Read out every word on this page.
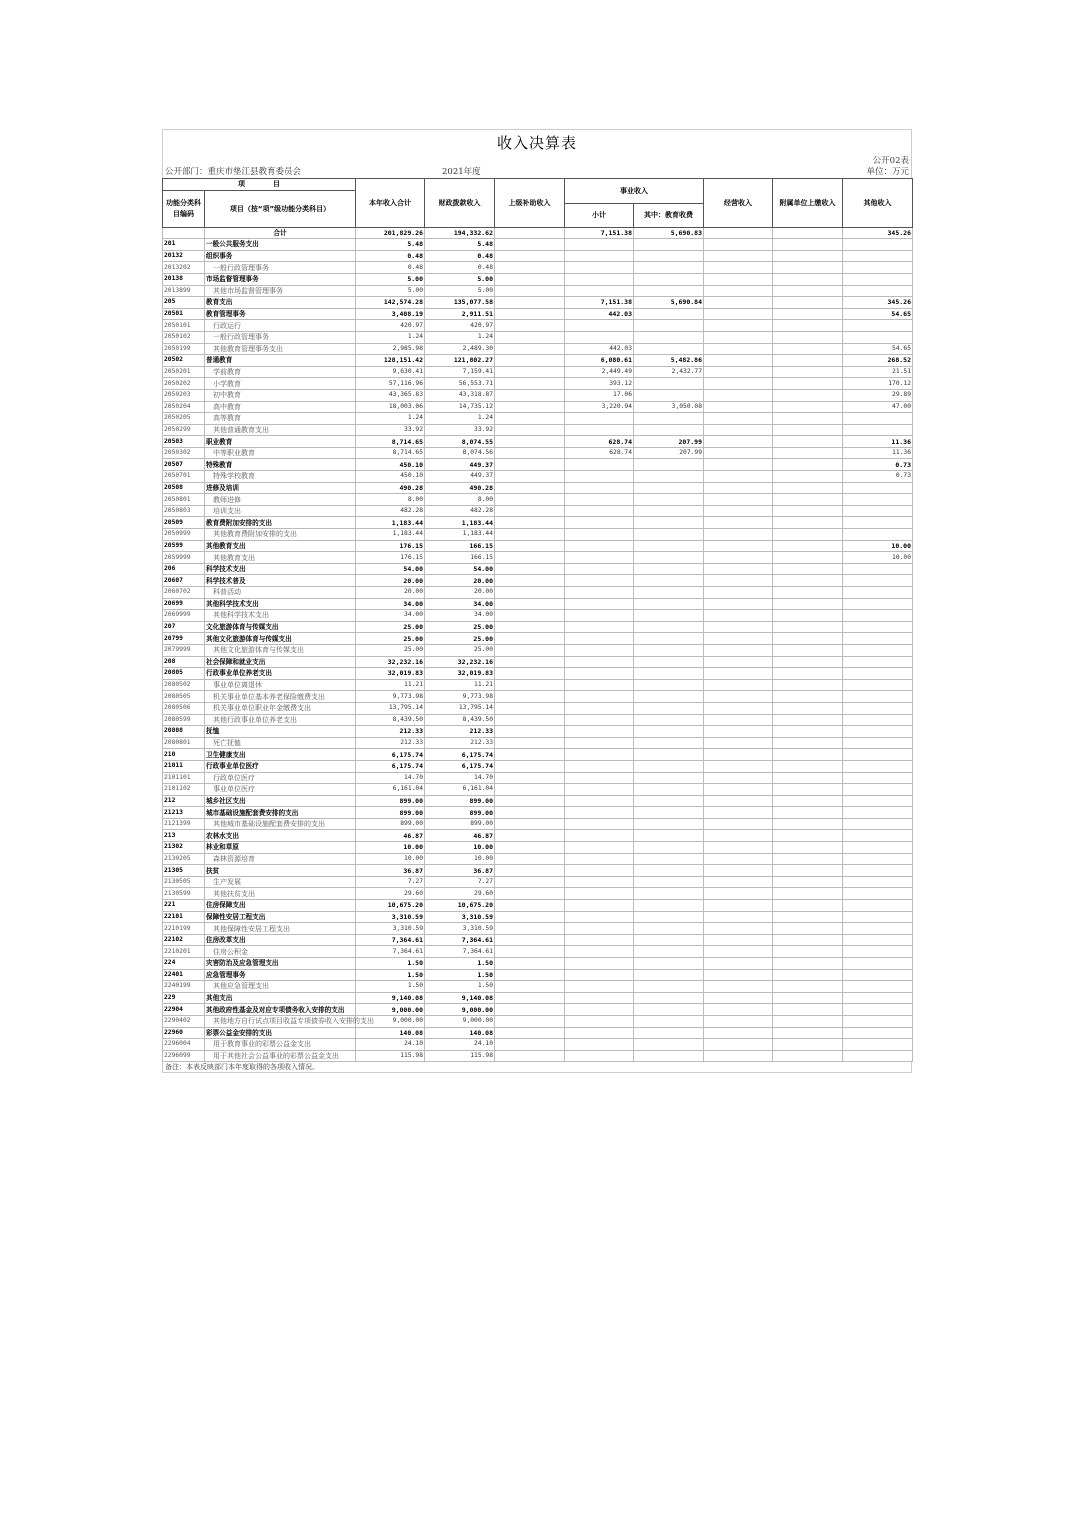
收入决算表
公开02表
公开部门：重庆市垫江县教育委员会	2021年度	单位：万元
项　　　　目		本年收入合计	财政拨款收入	上级补助收入	事业收入		经营收入	附属单位上缴收入	其他收入
功能分类科目编码	项目（按“项”级功能分类科目）								
					小计	其中：教育收费			
	合计	201,829.26	194,332.62		7,151.38	5,690.83			345.26
201	一般公共服务支出	5.48	5.48						
20132	组织事务	0.48	0.48						
2013202	一般行政管理事务	0.48	0.48						
20138	市场监督管理事务	5.00	5.00						
2013899	其他市场监督管理事务	5.00	5.00						
205	教育支出	142,574.28	135,077.58		7,151.38	5,690.84			345.26
20501	教育管理事务	3,408.19	2,911.51		442.03				54.65
2050101	行政运行	420.97	420.97						
2050102	一般行政管理事务	1.24	1.24						
2050199	其他教育管理事务支出	2,985.98	2,489.30		442.03				54.65
20502	普通教育	128,151.42	121,802.27		6,080.61	5,482.86			268.52
2050201	学前教育	9,630.41	7,159.41		2,449.49	2,432.77			21.51
2050202	小学教育	57,116.96	56,553.71		393.12				170.12
2050203	初中教育	43,365.83	43,318.87		17.06				29.89
2050204	高中教育	18,003.06	14,735.12		3,220.94	3,050.08			47.00
2050205	高等教育	1.24	1.24						
2050299	其他普通教育支出	33.92	33.92						
20503	职业教育	8,714.65	8,074.55		628.74	207.99			11.36
2050302	中等职业教育	8,714.65	8,074.56		628.74	207.99			11.36
20507	特殊教育	450.10	449.37						0.73
2050701	特殊学校教育	450.10	449.37						0.73
20508	进修及培训	490.28	490.28						
2050801	教师进修	8.00	8.00						
2050803	培训支出	482.28	482.28						
20509	教育费附加安排的支出	1,183.44	1,183.44						
2050999	其他教育费附加安排的支出	1,183.44	1,183.44						
20599	其他教育支出	176.15	166.15						10.00
2059999	其他教育支出	176.15	166.15						10.00
206	科学技术支出	54.00	54.00						
20607	科学技术普及	20.00	20.00						
2060702	科普活动	20.00	20.00						
20699	其他科学技术支出	34.00	34.00						
2069999	其他科学技术支出	34.00	34.00						
207	文化旅游体育与传媒支出	25.00	25.00						
20799	其他文化旅游体育与传媒支出	25.00	25.00						
2079999	其他文化旅游体育与传媒支出	25.00	25.00						
208	社会保障和就业支出	32,232.16	32,232.16						
20805	行政事业单位养老支出	32,019.83	32,019.83						
2080502	事业单位离退休	11.21	11.21						
2080505	机关事业单位基本养老保险缴费支出	9,773.98	9,773.98						
2080506	机关事业单位职业年金缴费支出	13,795.14	13,795.14						
2080599	其他行政事业单位养老支出	8,439.50	8,439.50						
20808	抚恤	212.33	212.33						
2080801	死亡抚恤	212.33	212.33						
210	卫生健康支出	6,175.74	6,175.74						
21011	行政事业单位医疗	6,175.74	6,175.74						
2101101	行政单位医疗	14.70	14.70						
2101102	事业单位医疗	6,161.04	6,161.04						
212	城乡社区支出	899.00	899.00						
21213	城市基础设施配套费安排的支出	899.00	899.00						
2121399	其他城市基础设施配套费安排的支出	899.00	899.00						
213	农林水支出	46.87	46.87						
21302	林业和草原	10.00	10.00						
2130205	森林资源培育	10.00	10.00						
21305	扶贫	36.87	36.87						
2130505	生产发展	7.27	7.27						
2130599	其他扶贫支出	29.60	29.60						
221	住房保障支出	10,675.20	10,675.20						
22101	保障性安居工程支出	3,310.59	3,310.59						
2210199	其他保障性安居工程支出	3,310.59	3,310.59						
22102	住房改革支出	7,364.61	7,364.61						
2210201	住房公积金	7,364.61	7,364.61						
224	灾害防治及应急管理支出	1.50	1.50						
22401	应急管理事务	1.50	1.50						
2240199	其他应急管理支出	1.50	1.50						
229	其他支出	9,140.08	9,140.08						
22904	其他政府性基金及对应专项债务收入安排的支出	9,000.00	9,000.00						
2290402	其他地方自行试点项目收益专项债券收入安排的支出	9,000.00	9,000.00						
22960	彩票公益金安排的支出	140.08	140.08						
2296004	用于教育事业的彩票公益金支出	24.10	24.10						
2296099	用于其他社会公益事业的彩票公益金支出	115.98	115.98						
备注：本表反映部门本年度取得的各项收入情况。
